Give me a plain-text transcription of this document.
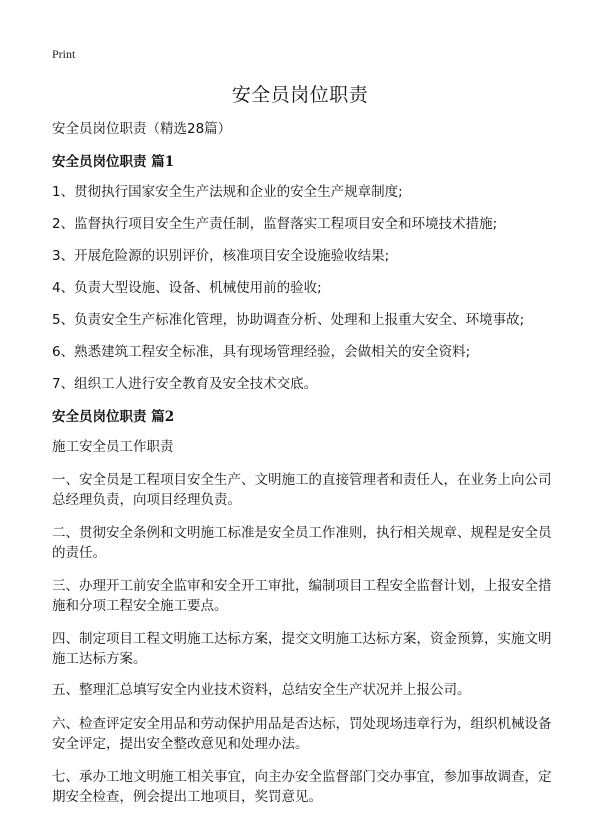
Print
安全员岗位职责

安全员岗位职责（精选28篇）

安全员岗位职责 篇1

1、贯彻执行国家安全生产法规和企业的安全生产规章制度;

2、监督执行项目安全生产责任制，监督落实工程项目安全和环境技术措施;

3、开展危险源的识别评价，核准项目安全设施验收结果;

4、负责大型设施、设备、机械使用前的验收;

5、负责安全生产标准化管理，协助调查分析、处理和上报重大安全、环境事故;

6、熟悉建筑工程安全标准，具有现场管理经验，会做相关的安全资料;

7、组织工人进行安全教育及安全技术交底。

安全员岗位职责 篇2

施工安全员工作职责

一、安全员是工程项目安全生产、文明施工的直接管理者和责任人，在业务上向公司总经理负责，向项目经理负责。

二、贯彻安全条例和文明施工标准是安全员工作准则，执行相关规章、规程是安全员的责任。

三、办理开工前安全监审和安全开工审批，编制项目工程安全监督计划，上报安全措施和分项工程安全施工要点。

四、制定项目工程文明施工达标方案，提交文明施工达标方案，资金预算，实施文明施工达标方案。

五、整理汇总填写安全内业技术资料，总结安全生产状况并上报公司。

六、检查评定安全用品和劳动保护用品是否达标，罚处现场违章行为，组织机械设备安全评定，提出安全整改意见和处理办法。

七、承办工地文明施工相关事宜，向主办安全监督部门交办事宜，参加事故调查，定期安全检查，例会提出工地项目，奖罚意见。
